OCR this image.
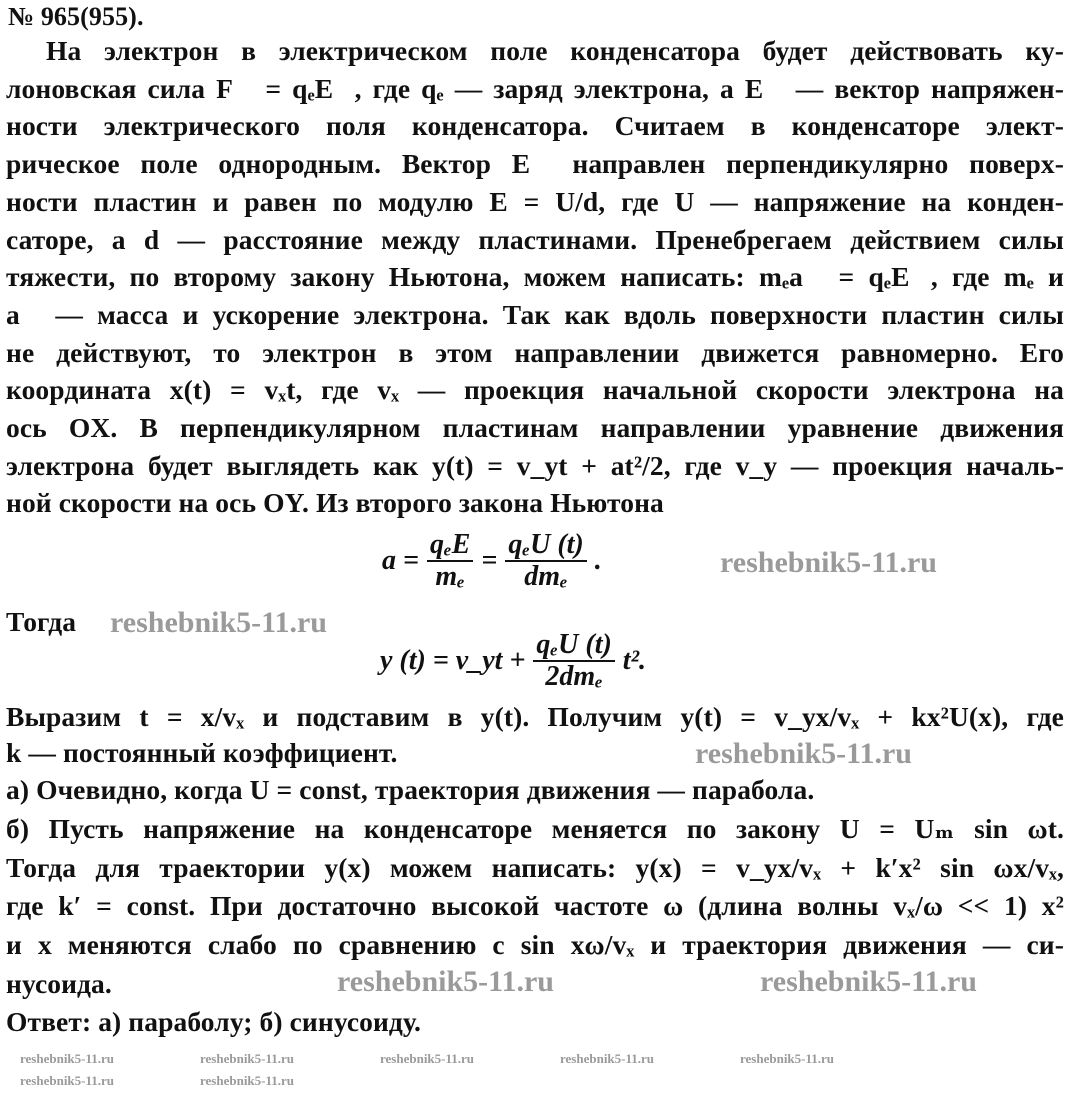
№ 965(955).
На электрон в электрическом поле конденсатора будет действовать ку-
лоновская сила F⃗ = qₑE⃗, где qₑ — заряд электрона, а E⃗ — вектор напряжен-
ности электрического поля конденсатора. Считаем в конденсаторе элект-
рическое поле однородным. Вектор E⃗ направлен перпендикулярно поверх-
ности пластин и равен по модулю E = U/d, где U — напряжение на конден-
саторе, а d — расстояние между пластинами. Пренебрегаем действием силы
тяжести, по второму закону Ньютона, можем написать: mₑa⃗ = qₑE⃗, где mₑ и
a⃗ — масса и ускорение электрона. Так как вдоль поверхности пластин силы
не действуют, то электрон в этом направлении движется равномерно. Его
координата x(t) = vₓt, где vₓ — проекция начальной скорости электрона на
ось OX. В перпендикулярном пластинам направлении уравнение движения
электрона будет выглядеть как y(t) = v_yt + at²/2, где v_y — проекция началь-
ной скорости на ось OY. Из второго закона Ньютона
$a = \frac{\text{qₑE}}{\text{mₑ}} = \frac{\text{qₑU (t)}}{\text{dmₑ}}$ .
Тогда
y (t) = v_yt + $\frac{\text{qₑU (t)}}{\text{2dmₑ}} t^2$.
Выразим t = x/vₓ и подставим в y(t). Получим y(t) = v_yx/vₓ + kx²U(x), где
k — постоянный коэффициент.
а) Очевидно, когда U = const, траектория движения — парабола.
б) Пусть напряжение на конденсаторе меняется по закону U = Uₘ sin ωt.
Тогда для траектории y(x) можем написать: y(x) = v_yx/vₓ + k′x² sin ωx/vₓ,
где k′ = const. При достаточно высокой частоте ω (длина волны vₓ/ω << 1) x²
и x меняются слабо по сравнению с sin xω/vₓ и траектория движения — си-
нусоида.
Ответ: а) параболу; б) синусоиду.
reshebnik5-11.ru
reshebnik5-11.ru
reshebnik5-11.ru
reshebnik5-11.ru	reshebnik5-11.ru
reshebnik5-11.ru	reshebnik5-11.ru	reshebnik5-11.ru	reshebnik5-11.ru	reshebnik5-11.ru
reshebnik5-11.ru	reshebnik5-11.ru
